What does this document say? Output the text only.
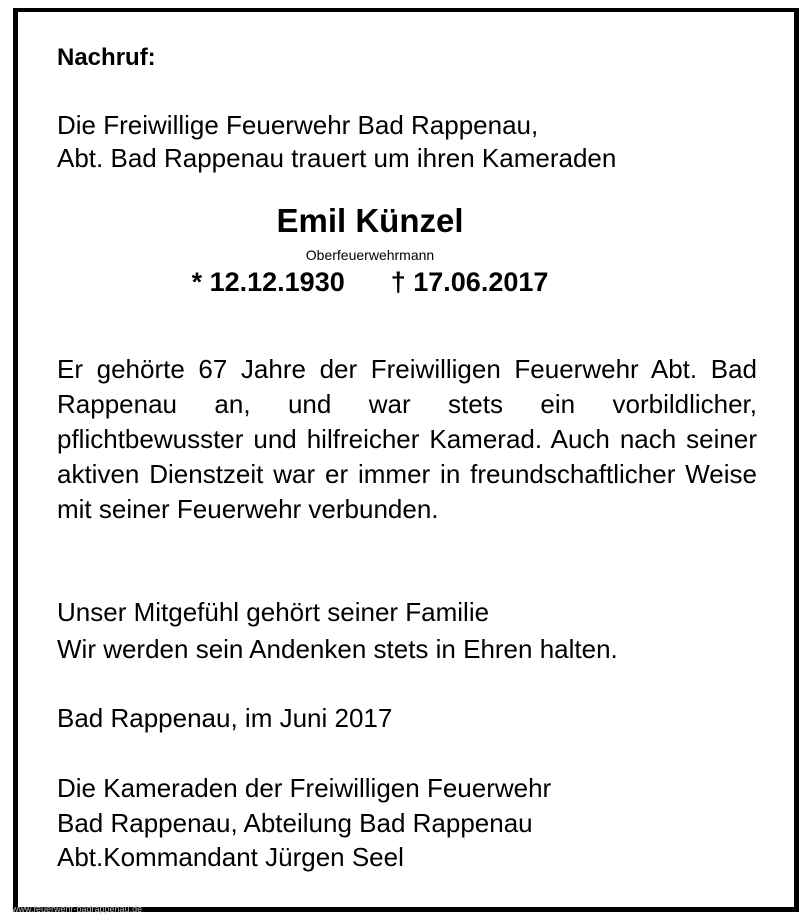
Nachruf:
Die Freiwillige Feuerwehr Bad Rappenau,
Abt. Bad Rappenau trauert um ihren Kameraden
Emil Künzel
Oberfeuerwehrmann
* 12.12.1930 † 17.06.2017
Er gehörte 67 Jahre der Freiwilligen Feuerwehr Abt. Bad Rappenau an, und war stets ein vorbildlicher, pflichtbewusster und hilfreicher Kamerad. Auch nach seiner aktiven Dienstzeit war er immer in freundschaftlicher Weise mit seiner Feuerwehr verbunden.
Unser Mitgefühl gehört seiner Familie
Wir werden sein Andenken stets in Ehren halten.
Bad Rappenau, im Juni 2017
Die Kameraden der Freiwilligen Feuerwehr
Bad Rappenau, Abteilung Bad Rappenau
Abt.Kommandant Jürgen Seel
www.feuerwehr-badrappenau.de
